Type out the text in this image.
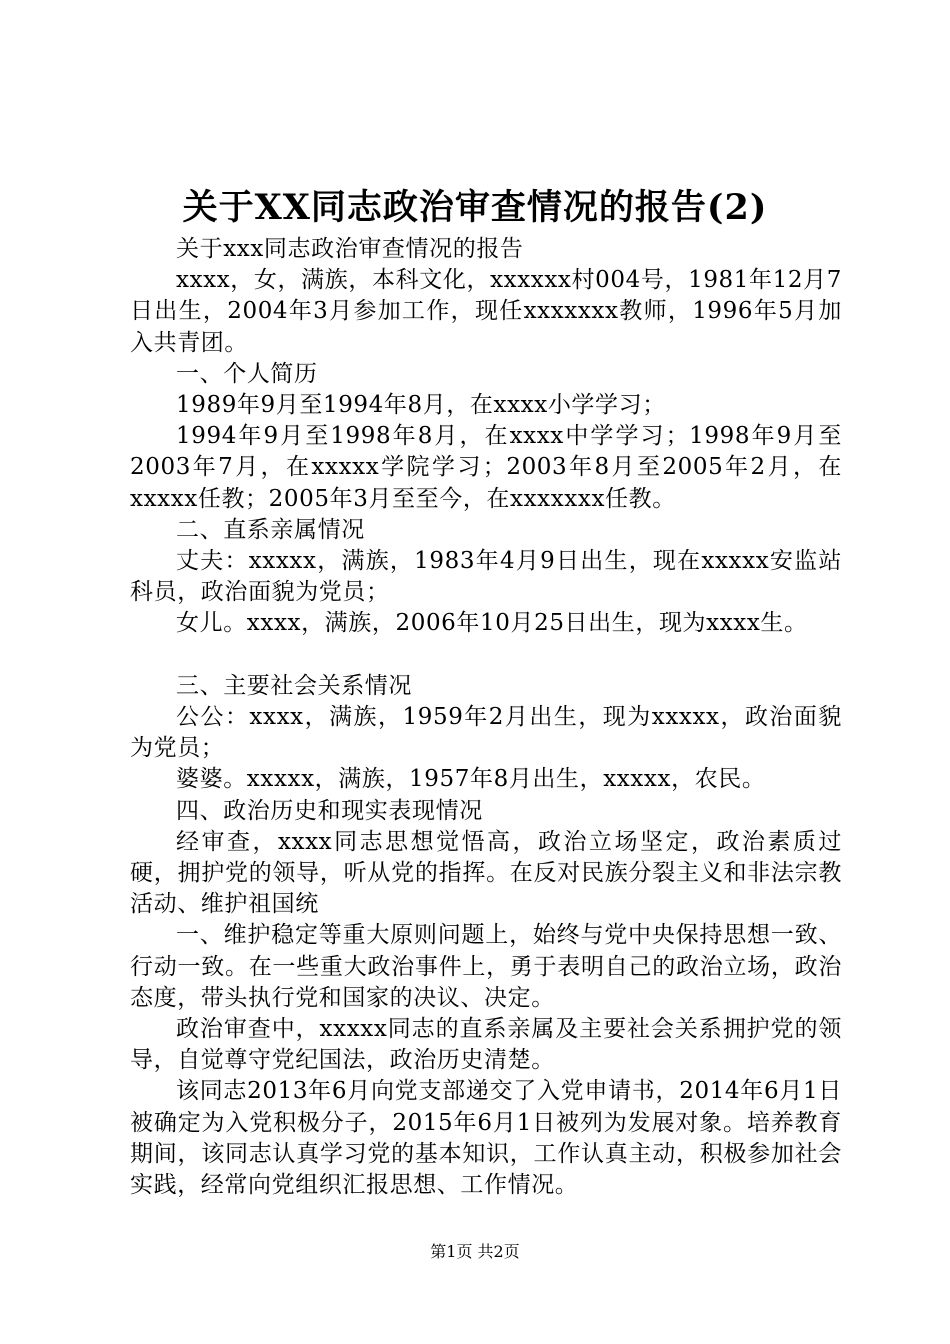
关于XX同志政治审查情况的报告(2)

关于xxx同志政治审查情况的报告

xxxx，女，满族，本科文化，xxxxxx村004号，1981年12月7日出生，2004年3月参加工作，现任xxxxxxx教师，1996年5月加入共青团。

一、个人简历

1989年9月至1994年8月，在xxxx小学学习；

1994年9月至1998年8月，在xxxx中学学习；1998年9月至2003年7月，在xxxxx学院学习；2003年8月至2005年2月，在xxxxx任教；2005年3月至至今，在xxxxxxx任教。

二、直系亲属情况

丈夫：xxxxx，满族，1983年4月9日出生，现在xxxxx安监站科员，政治面貌为党员；

女儿。xxxx，满族，2006年10月25日出生，现为xxxx生。

三、主要社会关系情况

公公：xxxx，满族，1959年2月出生，现为xxxxx，政治面貌为党员；

婆婆。xxxxx，满族，1957年8月出生，xxxxx，农民。

四、政治历史和现实表现情况

经审查，xxxx同志思想觉悟高，政治立场坚定，政治素质过硬，拥护党的领导，听从党的指挥。在反对民族分裂主义和非法宗教活动、维护祖国统

一、维护稳定等重大原则问题上，始终与党中央保持思想一致、行动一致。在一些重大政治事件上，勇于表明自己的政治立场，政治态度，带头执行党和国家的决议、决定。

政治审查中，xxxxx同志的直系亲属及主要社会关系拥护党的领导，自觉尊守党纪国法，政治历史清楚。

该同志2013年6月向党支部递交了入党申请书，2014年6月1日被确定为入党积极分子，2015年6月1日被列为发展对象。培养教育期间，该同志认真学习党的基本知识，工作认真主动，积极参加社会实践，经常向党组织汇报思想、工作情况。

第1页 共2页
